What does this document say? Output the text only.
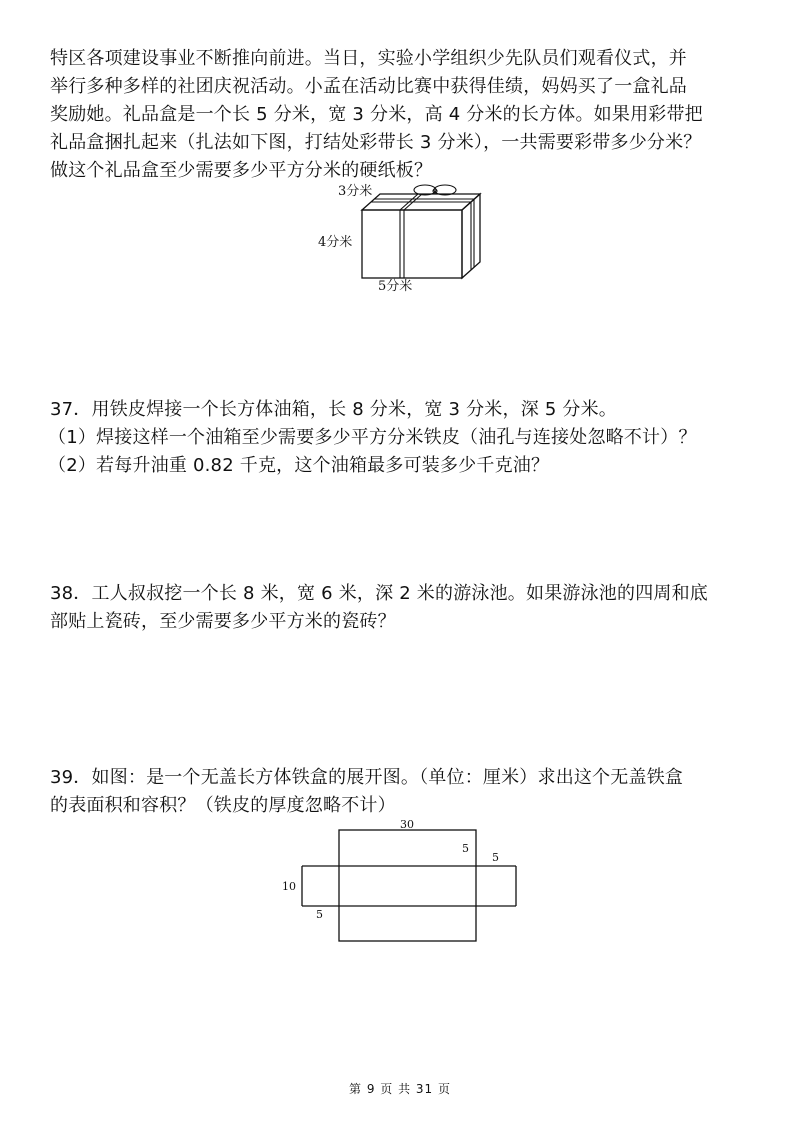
特区各项建设事业不断推向前进。当日，实验小学组织少先队员们观看仪式，并
举行多种多样的社团庆祝活动。小孟在活动比赛中获得佳绩，妈妈买了一盒礼品
奖励她。礼品盒是一个长 5 分米，宽 3 分米，高 4 分米的长方体。如果用彩带把
礼品盒捆扎起来（扎法如下图，打结处彩带长 3 分米），一共需要彩带多少分米？
做这个礼品盒至少需要多少平方分米的硬纸板？
3分米
4分米
5分米
37．用铁皮焊接一个长方体油箱，长 8 分米，宽 3 分米，深 5 分米。
（1）焊接这样一个油箱至少需要多少平方分米铁皮（油孔与连接处忽略不计）？
（2）若每升油重 0.82 千克，这个油箱最多可装多少千克油？
38．工人叔叔挖一个长 8 米，宽 6 米，深 2 米的游泳池。如果游泳池的四周和底
部贴上瓷砖，至少需要多少平方米的瓷砖？
39．如图：是一个无盖长方体铁盒的展开图。（单位：厘米）求出这个无盖铁盒
的表面积和容积？（铁皮的厚度忽略不计）
30
5
5
10
5
第 9 页 共 31 页
